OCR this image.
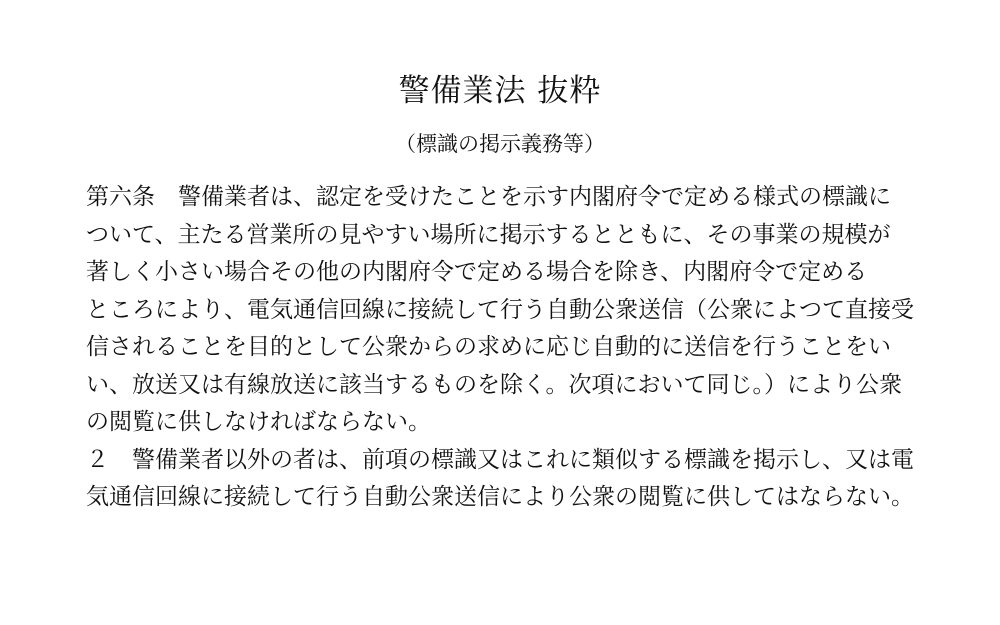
警備業法 抜粋
（標識の掲示義務等）
第六条　警備業者は、認定を受けたことを示す内閣府令で定める様式の標識に
ついて、主たる営業所の見やすい場所に掲示するとともに、その事業の規模が
著しく小さい場合その他の内閣府令で定める場合を除き、内閣府令で定める
ところにより、電気通信回線に接続して行う自動公衆送信（公衆によつて直接受
信されることを目的として公衆からの求めに応じ自動的に送信を行うことをい
い、放送又は有線放送に該当するものを除く。次項において同じ。）により公衆
の閲覧に供しなければならない。
２　警備業者以外の者は、前項の標識又はこれに類似する標識を掲示し、又は電
気通信回線に接続して行う自動公衆送信により公衆の閲覧に供してはならない。
